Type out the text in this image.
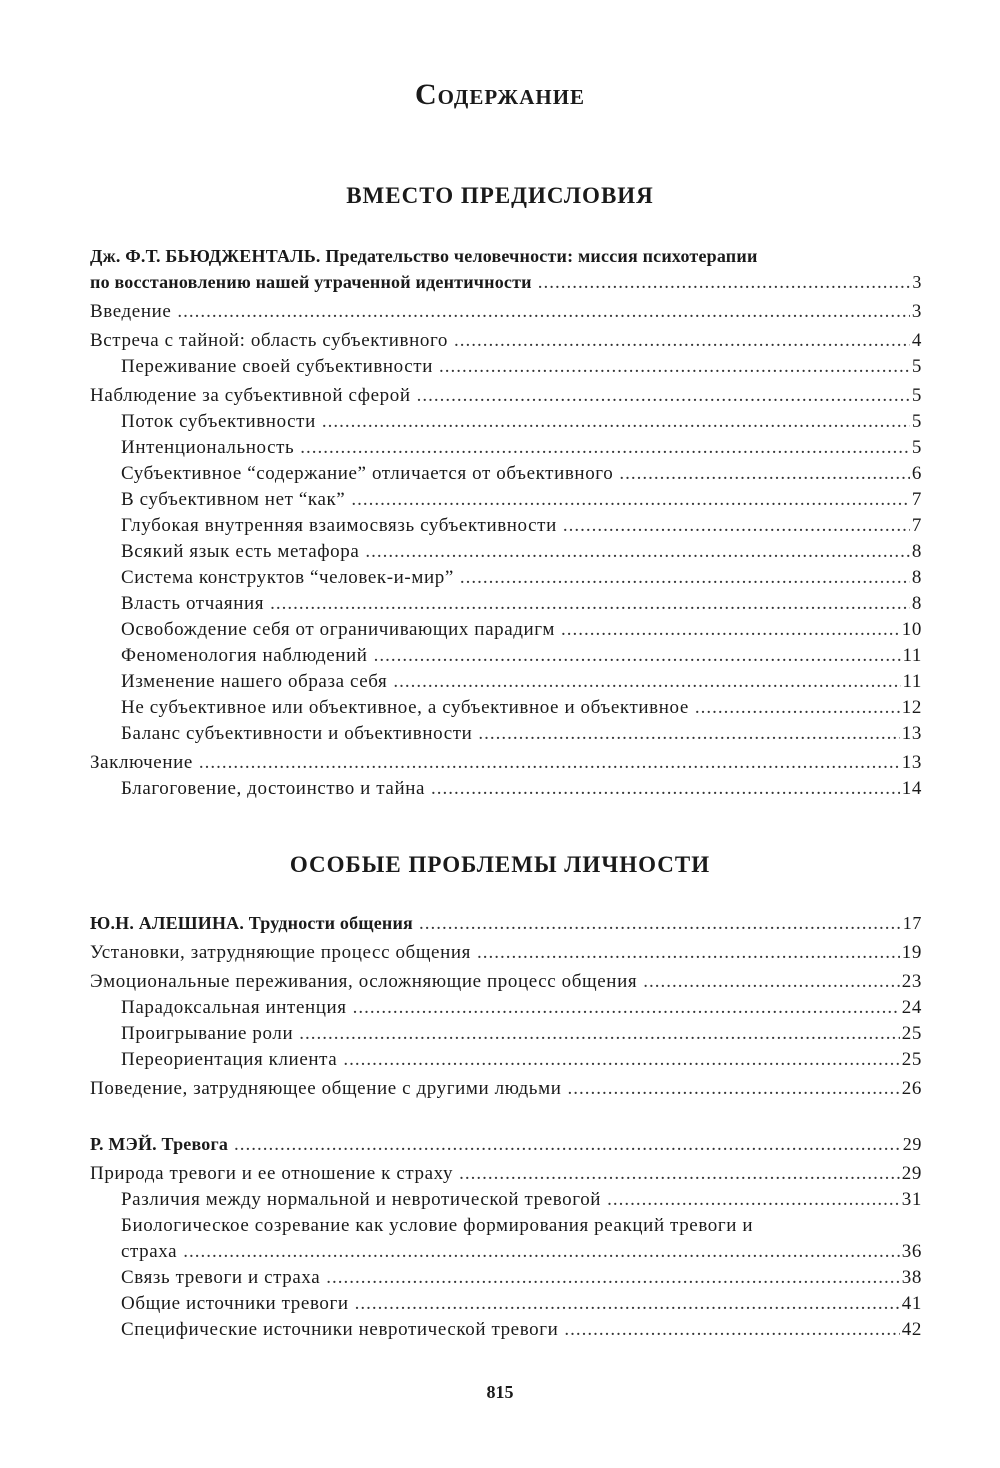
Содержание
ВМЕСТО ПРЕДИСЛОВИЯ
Дж. Ф.Т. БЬЮДЖЕНТАЛЬ. Предательство человечности: миссия психотерапии
по восстановлению нашей утраченной идентичности .....	3
Введение .....	3
Встреча с тайной: область субъективного .....	4
Переживание своей субъективности .....	5
Наблюдение за субъективной сферой .....	5
Поток субъективности .....	5
Интенциональность .....	5
Субъективное “содержание” отличается от объективного .....	6
В субъективном нет “как” .....	7
Глубокая внутренняя взаимосвязь субъективности .....	7
Всякий язык есть метафора .....	8
Система конструктов “человек-и-мир” .....	8
Власть отчаяния .....	8
Освобождение себя от ограничивающих парадигм .....	10
Феноменология наблюдений .....	11
Изменение нашего образа себя .....	11
Не субъективное или объективное, а субъективное и объективное .....	12
Баланс субъективности и объективности .....	13
Заключение .....	13
Благоговение, достоинство и тайна .....	14
ОСОБЫЕ ПРОБЛЕМЫ ЛИЧНОСТИ
Ю.Н. АЛЕШИНА. Трудности общения .....	17
Установки, затрудняющие процесс общения .....	19
Эмоциональные переживания, осложняющие процесс общения .....	23
Парадоксальная интенция .....	24
Проигрывание роли .....	25
Переориентация клиента .....	25
Поведение, затрудняющее общение с другими людьми .....	26
Р. МЭЙ. Тревога .....	29
Природа тревоги и ее отношение к страху .....	29
Различия между нормальной и невротической тревогой .....	31
Биологическое созревание как условие формирования реакций тревоги и
страха .....	36
Связь тревоги и страха .....	38
Общие источники тревоги .....	41
Специфические источники невротической тревоги .....	42
815
